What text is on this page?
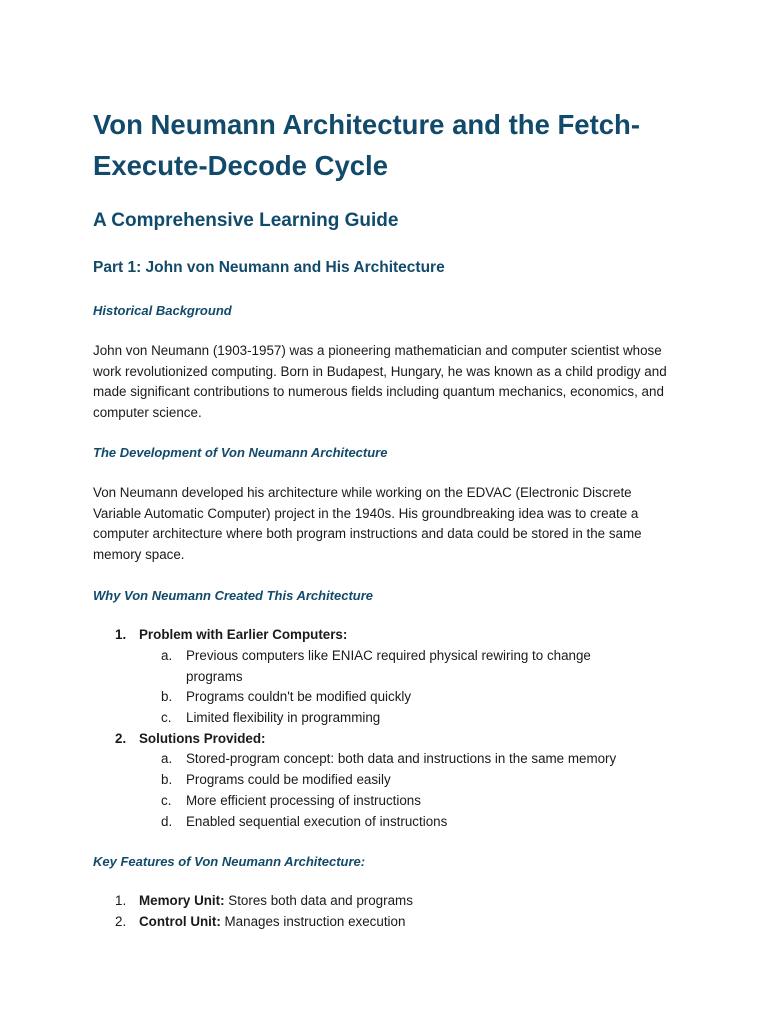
Von Neumann Architecture and the Fetch-Execute-Decode Cycle
A Comprehensive Learning Guide
Part 1: John von Neumann and His Architecture
Historical Background

John von Neumann (1903-1957) was a pioneering mathematician and computer scientist whose work revolutionized computing. Born in Budapest, Hungary, he was known as a child prodigy and made significant contributions to numerous fields including quantum mechanics, economics, and computer science.

The Development of Von Neumann Architecture

Von Neumann developed his architecture while working on the EDVAC (Electronic Discrete Variable Automatic Computer) project in the 1940s. His groundbreaking idea was to create a computer architecture where both program instructions and data could be stored in the same memory space.

Why Von Neumann Created This Architecture
1. Problem with Earlier Computers:
a. Previous computers like ENIAC required physical rewiring to change
programs
b. Programs couldn't be modified quickly
c. Limited flexibility in programming
2. Solutions Provided:
a. Stored-program concept: both data and instructions in the same memory
b. Programs could be modified easily
c. More efficient processing of instructions
d. Enabled sequential execution of instructions
Key Features of Von Neumann Architecture:
1. Memory Unit: Stores both data and programs
2. Control Unit: Manages instruction execution
